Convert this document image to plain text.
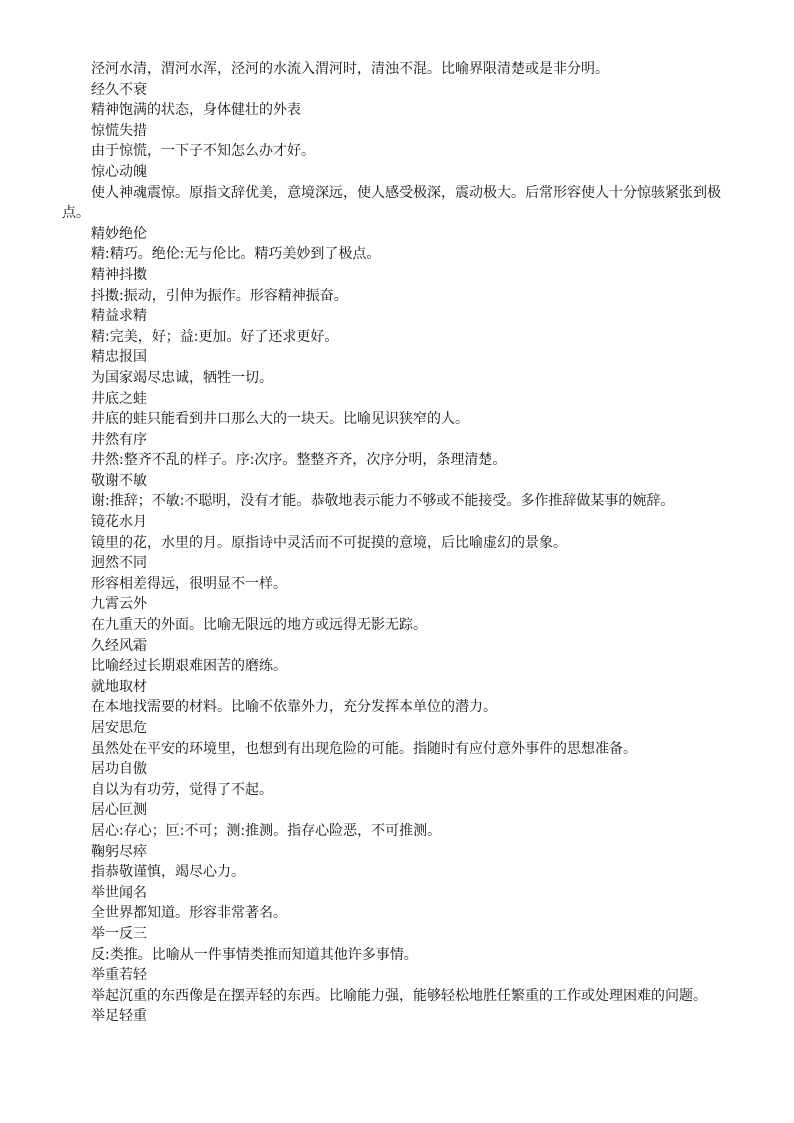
泾河水清，渭河水浑，泾河的水流入渭河时，清浊不混。比喻界限清楚或是非分明。

经久不衰

精神饱满的状态，身体健壮的外表

惊慌失措

由于惊慌，一下子不知怎么办才好。

惊心动魄

使人神魂震惊。原指文辞优美，意境深远，使人感受极深，震动极大。后常形容使人十分惊骇紧张到极点。

精妙绝伦

精:精巧。绝伦:无与伦比。精巧美妙到了极点。

精神抖擞

抖擞:振动，引伸为振作。形容精神振奋。

精益求精

精:完美，好；益:更加。好了还求更好。

精忠报国

为国家竭尽忠诚，牺牲一切。

井底之蛙

井底的蛙只能看到井口那么大的一块天。比喻见识狭窄的人。

井然有序

井然:整齐不乱的样子。序:次序。整整齐齐，次序分明，条理清楚。

敬谢不敏

谢:推辞；不敏:不聪明，没有才能。恭敬地表示能力不够或不能接受。多作推辞做某事的婉辞。

镜花水月

镜里的花，水里的月。原指诗中灵活而不可捉摸的意境，后比喻虚幻的景象。

迥然不同

形容相差得远，很明显不一样。

九霄云外

在九重天的外面。比喻无限远的地方或远得无影无踪。

久经风霜

比喻经过长期艰难困苦的磨练。

就地取材

在本地找需要的材料。比喻不依靠外力，充分发挥本单位的潜力。

居安思危

虽然处在平安的环境里，也想到有出现危险的可能。指随时有应付意外事件的思想准备。

居功自傲

自以为有功劳，觉得了不起。

居心叵测

居心:存心；叵:不可；测:推测。指存心险恶，不可推测。

鞠躬尽瘁

指恭敬谨慎，竭尽心力。

举世闻名

全世界都知道。形容非常著名。

举一反三

反:类推。比喻从一件事情类推而知道其他许多事情。

举重若轻

举起沉重的东西像是在摆弄轻的东西。比喻能力强，能够轻松地胜任繁重的工作或处理困难的问题。

举足轻重
